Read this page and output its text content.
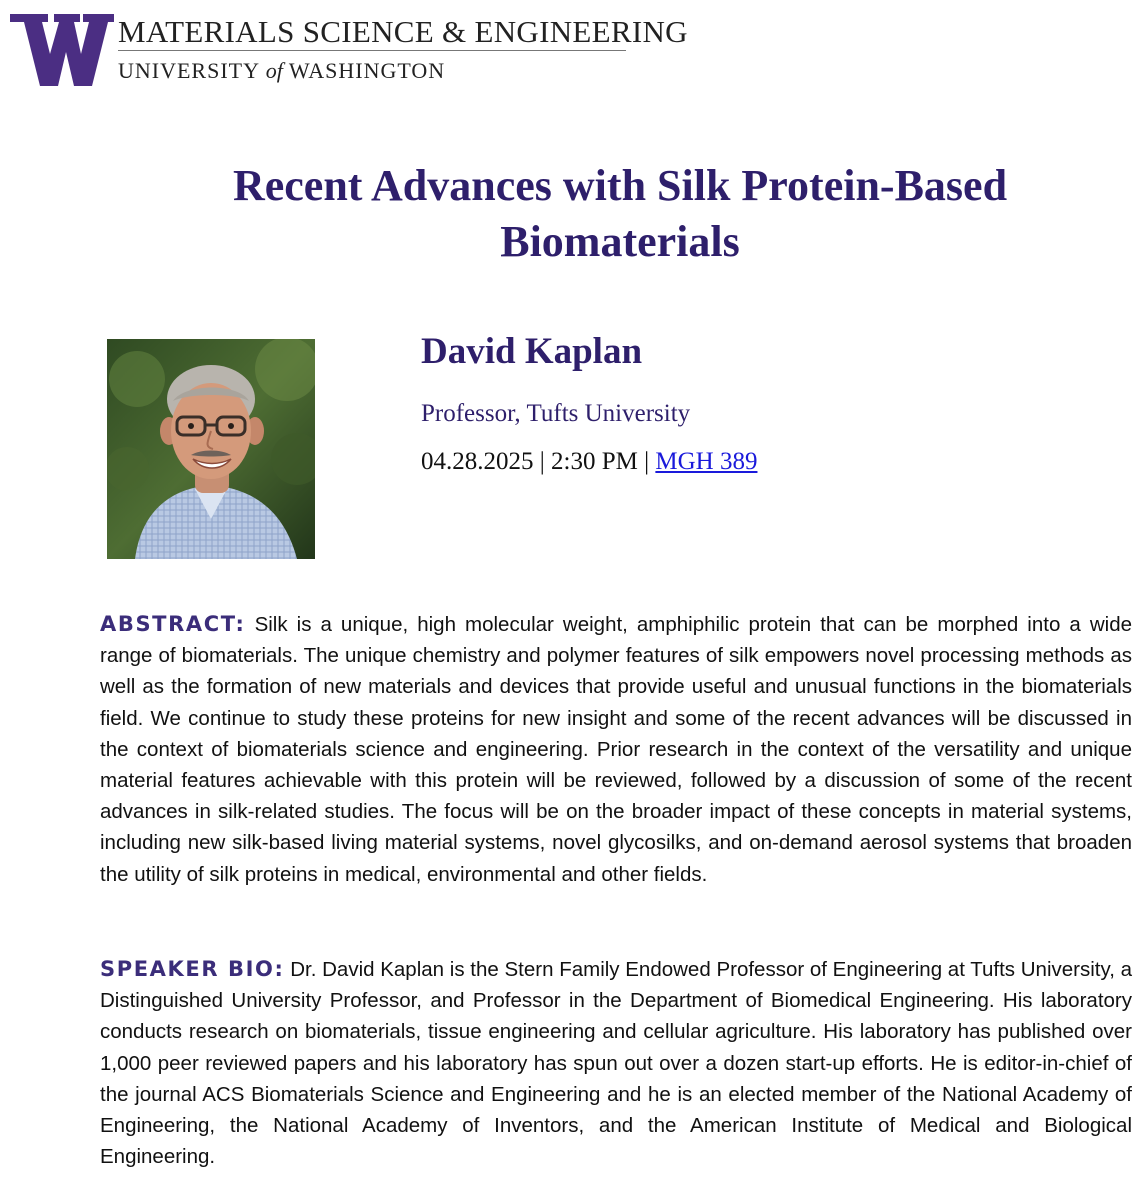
MATERIALS SCIENCE & ENGINEERING
UNIVERSITY of WASHINGTON
Recent Advances with Silk Protein-Based
Biomaterials
David Kaplan
Professor, Tufts University
04.28.2025 | 2:30 PM | MGH 389

ABSTRACT: Silk is a unique, high molecular weight, amphiphilic protein that can be morphed into a wide range of biomaterials. The unique chemistry and polymer features of silk empowers novel processing methods as well as the formation of new materials and devices that provide useful and unusual functions in the biomaterials field. We continue to study these proteins for new insight and some of the recent advances will be discussed in the context of biomaterials science and engineering. Prior research in the context of the versatility and unique material features achievable with this protein will be reviewed, followed by a discussion of some of the recent advances in silk-related studies. The focus will be on the broader impact of these concepts in material systems, including new silk-based living material systems, novel glycosilks, and on-demand aerosol systems that broaden the utility of silk proteins in medical, environmental and other fields.

SPEAKER BIO: Dr. David Kaplan is the Stern Family Endowed Professor of Engineering at Tufts University, a Distinguished University Professor, and Professor in the Department of Biomedical Engineering. His laboratory conducts research on biomaterials, tissue engineering and cellular agriculture. His laboratory has published over 1,000 peer reviewed papers and his laboratory has spun out over a dozen start-up efforts. He is editor-in-chief of the journal ACS Biomaterials Science and Engineering and he is an elected member of the National Academy of Engineering, the National Academy of Inventors, and the American Institute of Medical and Biological Engineering.
